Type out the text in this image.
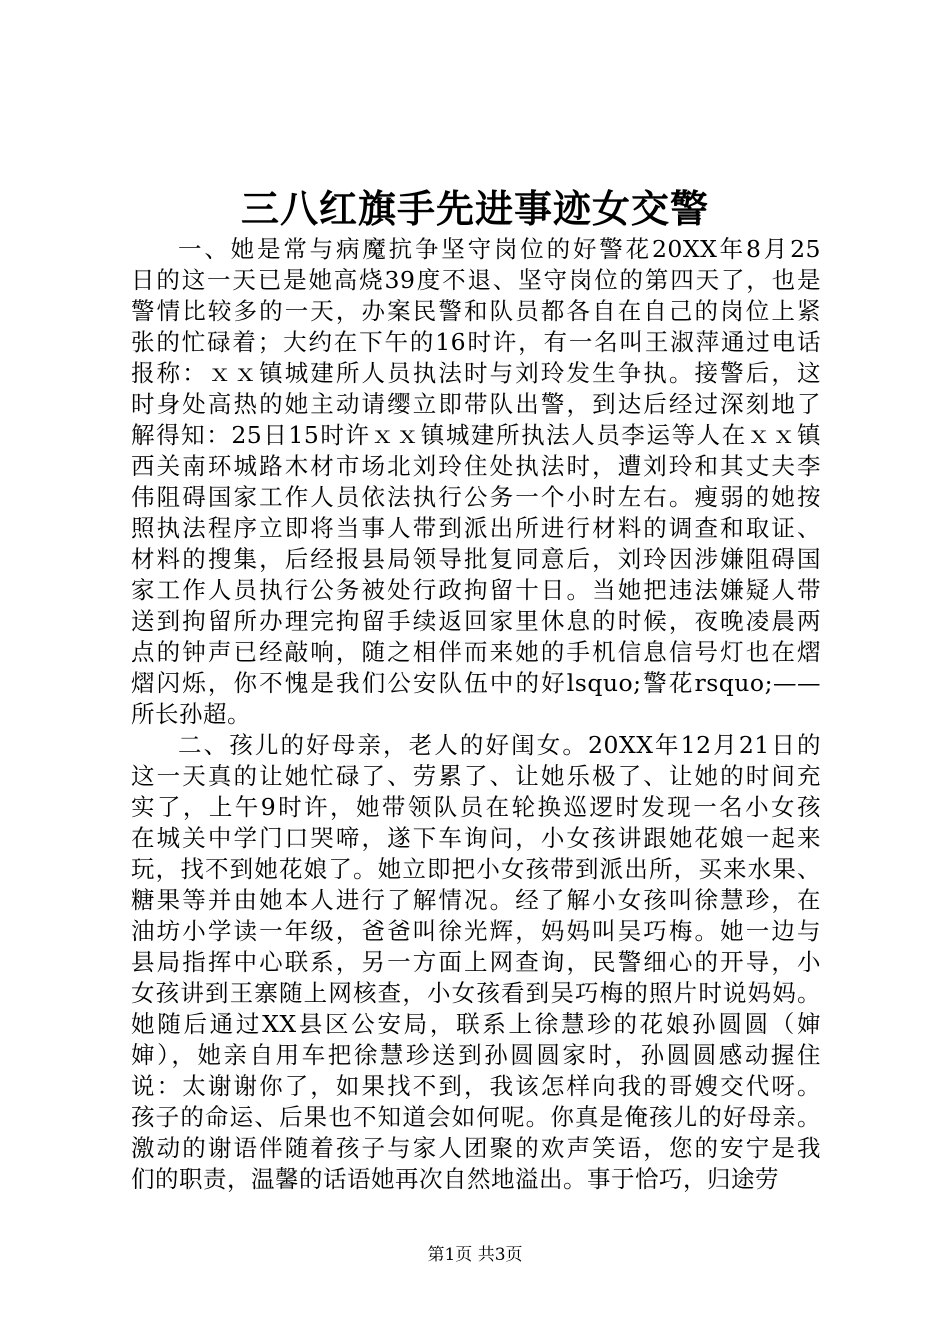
三八红旗手先进事迹女交警
一、她是常与病魔抗争坚守岗位的好警花20XX年8月25
日的这一天已是她高烧39度不退、坚守岗位的第四天了，也是
警情比较多的一天，办案民警和队员都各自在自己的岗位上紧
张的忙碌着；大约在下午的16时许，有一名叫王淑萍通过电话
报称：ｘｘ镇城建所人员执法时与刘玲发生争执。接警后，这
时身处高热的她主动请缨立即带队出警，到达后经过深刻地了
解得知：25日15时许ｘｘ镇城建所执法人员李运等人在ｘｘ镇
西关南环城路木材市场北刘玲住处执法时，遭刘玲和其丈夫李
伟阻碍国家工作人员依法执行公务一个小时左右。瘦弱的她按
照执法程序立即将当事人带到派出所进行材料的调查和取证、
材料的搜集，后经报县局领导批复同意后，刘玲因涉嫌阻碍国
家工作人员执行公务被处行政拘留十日。当她把违法嫌疑人带
送到拘留所办理完拘留手续返回家里休息的时候，夜晚凌晨两
点的钟声已经敲响，随之相伴而来她的手机信息信号灯也在熠
熠闪烁，你不愧是我们公安队伍中的好lsquo;警花rsquo;——
所长孙超。
二、孩儿的好母亲，老人的好闺女。20XX年12月21日的
这一天真的让她忙碌了、劳累了、让她乐极了、让她的时间充
实了，上午9时许，她带领队员在轮换巡逻时发现一名小女孩
在城关中学门口哭啼，遂下车询问，小女孩讲跟她花娘一起来
玩，找不到她花娘了。她立即把小女孩带到派出所，买来水果、
糖果等并由她本人进行了解情况。经了解小女孩叫徐慧珍，在
油坊小学读一年级，爸爸叫徐光辉，妈妈叫吴巧梅。她一边与
县局指挥中心联系，另一方面上网查询，民警细心的开导，小
女孩讲到王寨随上网核查，小女孩看到吴巧梅的照片时说妈妈。
她随后通过XX县区公安局，联系上徐慧珍的花娘孙圆圆（婶
婶），她亲自用车把徐慧珍送到孙圆圆家时，孙圆圆感动握住
说：太谢谢你了，如果找不到，我该怎样向我的哥嫂交代呀。
孩子的命运、后果也不知道会如何呢。你真是俺孩儿的好母亲。
激动的谢语伴随着孩子与家人团聚的欢声笑语，您的安宁是我
们的职责，温馨的话语她再次自然地溢出。事于恰巧，归途劳
第1页 共3页
